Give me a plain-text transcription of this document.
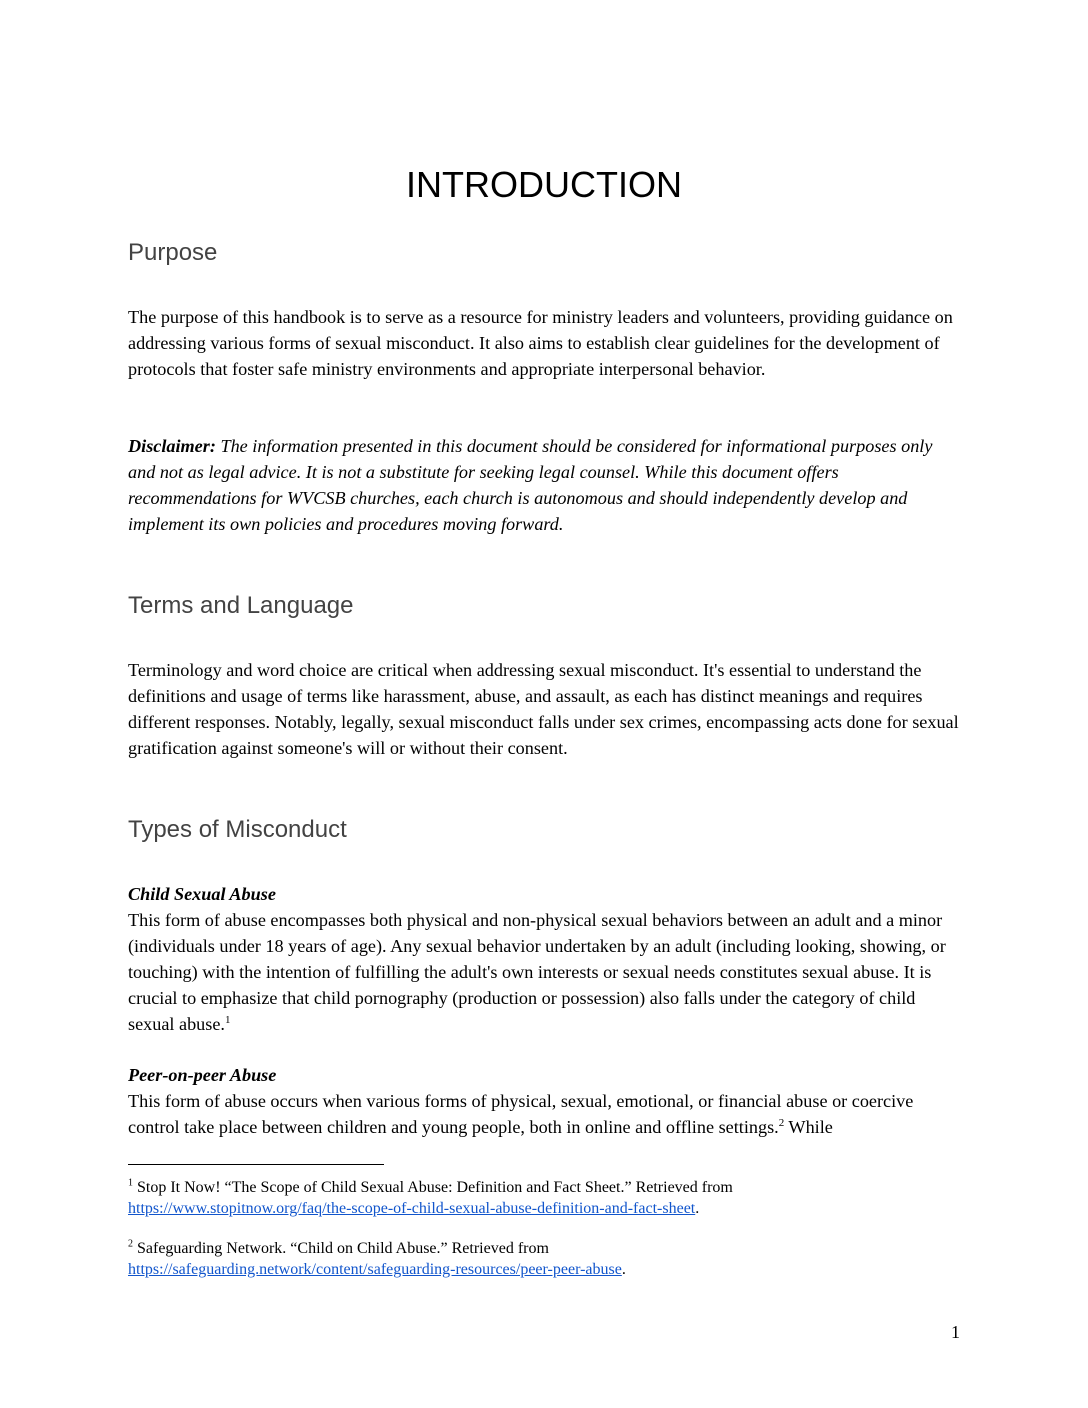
INTRODUCTION
Purpose

The purpose of this handbook is to serve as a resource for ministry leaders and volunteers, providing guidance on addressing various forms of sexual misconduct. It also aims to establish clear guidelines for the development of protocols that foster safe ministry environments and appropriate interpersonal behavior.

Disclaimer: The information presented in this document should be considered for informational purposes only and not as legal advice. It is not a substitute for seeking legal counsel. While this document offers recommendations for WVCSB churches, each church is autonomous and should independently develop and implement its own policies and procedures moving forward.

Terms and Language

Terminology and word choice are critical when addressing sexual misconduct. It's essential to understand the definitions and usage of terms like harassment, abuse, and assault, as each has distinct meanings and requires different responses. Notably, legally, sexual misconduct falls under sex crimes, encompassing acts done for sexual gratification against someone's will or without their consent.

Types of Misconduct

Child Sexual Abuse
This form of abuse encompasses both physical and non-physical sexual behaviors between an adult and a minor (individuals under 18 years of age). Any sexual behavior undertaken by an adult (including looking, showing, or touching) with the intention of fulfilling the adult's own interests or sexual needs constitutes sexual abuse. It is crucial to emphasize that child pornography (production or possession) also falls under the category of child sexual abuse.$^1$

Peer-on-peer Abuse
This form of abuse occurs when various forms of physical, sexual, emotional, or financial abuse or coercive control take place between children and young people, both in online and offline settings.$^2$ While

$^1$ Stop It Now! “The Scope of Child Sexual Abuse: Definition and Fact Sheet.” Retrieved from
https://www.stopitnow.org/faq/the-scope-of-child-sexual-abuse-definition-and-fact-sheet.

$^2$ Safeguarding Network. “Child on Child Abuse.” Retrieved from
https://safeguarding.network/content/safeguarding-resources/peer-peer-abuse.

1
